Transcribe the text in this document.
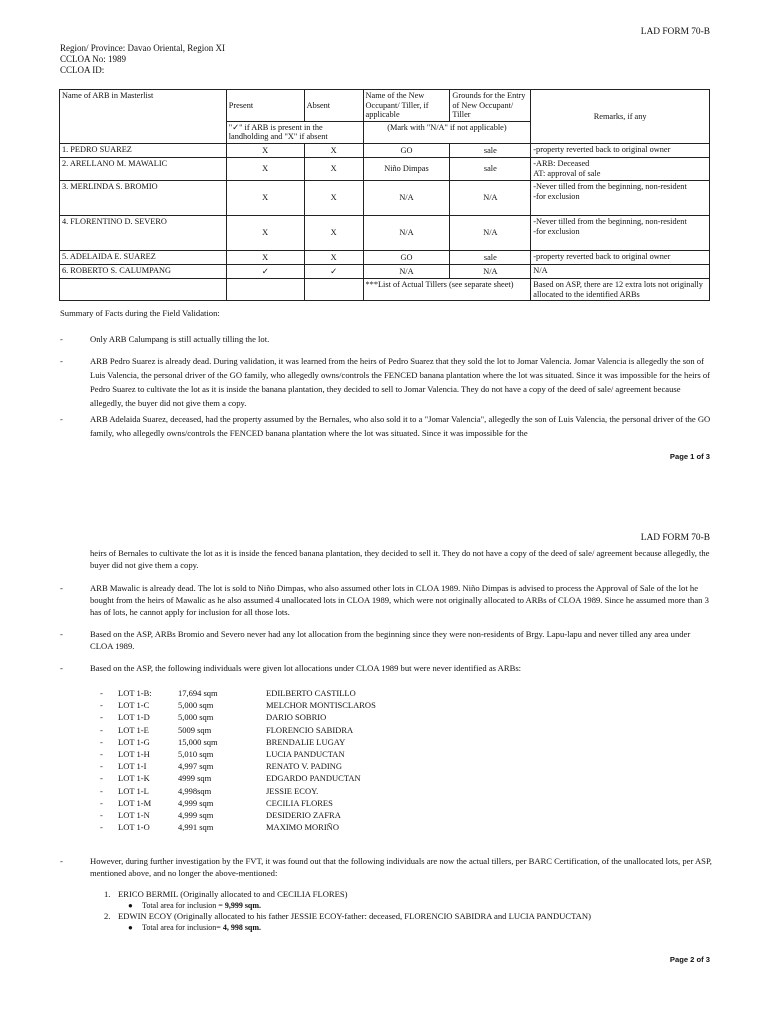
LAD FORM 70-B
Region/ Province: Davao Oriental, Region XI
CCLOA No: 1989
CCLOA ID:
Name of ARB in Masterlist	Present	Absent	Name of the New Occupant/ Tiller, if applicable	Grounds for the Entry of New Occupant/ Tiller	Remarks, if any
	"✓" if ARB is present in the landholding and "X" if absent		(Mark with "N/A" if not applicable)		
1. PEDRO SUAREZ	X	X	GO	sale	-property reverted back to original owner
2. ARELLANO M. MAWALIC	X	X	Niño Dimpas	sale	-ARB: Deceased
AT: approval of sale
3. MERLINDA S. BROMIO	X	X	N/A	N/A	-Never tilled from the beginning, non-resident
-for exclusion
4. FLORENTINO D. SEVERO	X	X	N/A	N/A	-Never tilled from the beginning, non-resident
-for exclusion
5. ADELAIDA E. SUAREZ	X	X	GO	sale	-property reverted back to original owner
6. ROBERTO S. CALUMPANG	✓	✓	N/A	N/A	N/A
			***List of Actual Tillers (see separate sheet)		Based on ASP, there are 12 extra lots not originally allocated to the identified ARBs
Summary of Facts during the Field Validation:
-	Only ARB Calumpang is still actually tilling the lot.
-	ARB Pedro Suarez is already dead. During validation, it was learned from the heirs of Pedro Suarez that they sold the lot to Jomar Valencia. Jomar Valencia is allegedly the son of Luis Valencia, the personal driver of the GO family, who allegedly owns/controls the FENCED banana plantation where the lot was situated. Since it was impossible for the heirs of Pedro Suarez to cultivate the lot as it is inside the banana plantation, they decided to sell to Jomar Valencia. They do not have a copy of the deed of sale/ agreement because allegedly, the buyer did not give them a copy.
-	ARB Adelaida Suarez, deceased, had the property assumed by the Bernales, who also sold it to a "Jomar Valencia", allegedly the son of Luis Valencia, the personal driver of the GO family, who allegedly owns/controls the FENCED banana plantation where the lot was situated. Since it was impossible for the
Page 1 of 3
LAD FORM 70-B
heirs of Bernales to cultivate the lot as it is inside the fenced banana plantation, they decided to sell it. They do not have a copy of the deed of sale/ agreement because allegedly, the buyer did not give them a copy.
-	ARB Mawalic is already dead. The lot is sold to Niño Dimpas, who also assumed other lots in CLOA 1989. Niño Dimpas is advised to process the Approval of Sale of the lot he bought from the heirs of Mawalic as he also assumed 4 unallocated lots in CLOA 1989, which were not originally allocated to ARBs of CLOA 1989. Since he assumed more than 3 has of lots, he cannot apply for inclusion for all those lots.
-	Based on the ASP, ARBs Bromio and Severo never had any lot allocation from the beginning since they were non-residents of Brgy. Lapu-lapu and never tilled any area under CLOA 1989.
-	Based on the ASP, the following individuals were given lot allocations under CLOA 1989 but were never identified as ARBs:
- LOT 1-B:	17,694 sqm	EDILBERTO CASTILLO
- LOT 1-C	5,000 sqm	MELCHOR MONTISCLAROS
- LOT 1-D	5,000 sqm	DARIO SOBRIO
- LOT 1-E	5009 sqm	FLORENCIO SABIDRA
- LOT 1-G	15,000 sqm	BRENDALIE LUGAY
- LOT 1-H	5,010 sqm	LUCIA PANDUCTAN
- LOT 1-I	4,997 sqm	RENATO V. PADING
- LOT 1-K	4999 sqm	EDGARDO PANDUCTAN
- LOT 1-L	4,998sqm	JESSIE ECOY.
- LOT 1-M	4,999 sqm	CECILIA FLORES
- LOT 1-N	4,999 sqm	DESIDERIO ZAFRA
- LOT 1-O	4,991 sqm	MAXIMO MORIÑO
-	However, during further investigation by the FVT, it was found out that the following individuals are now the actual tillers, per BARC Certification, of the unallocated lots, per ASP, mentioned above, and no longer the above-mentioned:
1. ERICO BERMIL (Originally allocated to and CECILIA FLORES)
● Total area for inclusion = 9,999 sqm.
2. EDWIN ECOY (Originally allocated to his father JESSIE ECOY-father: deceased, FLORENCIO SABIDRA and LUCIA PANDUCTAN)
● Total area for inclusion= 4, 998 sqm.
Page 2 of 3
